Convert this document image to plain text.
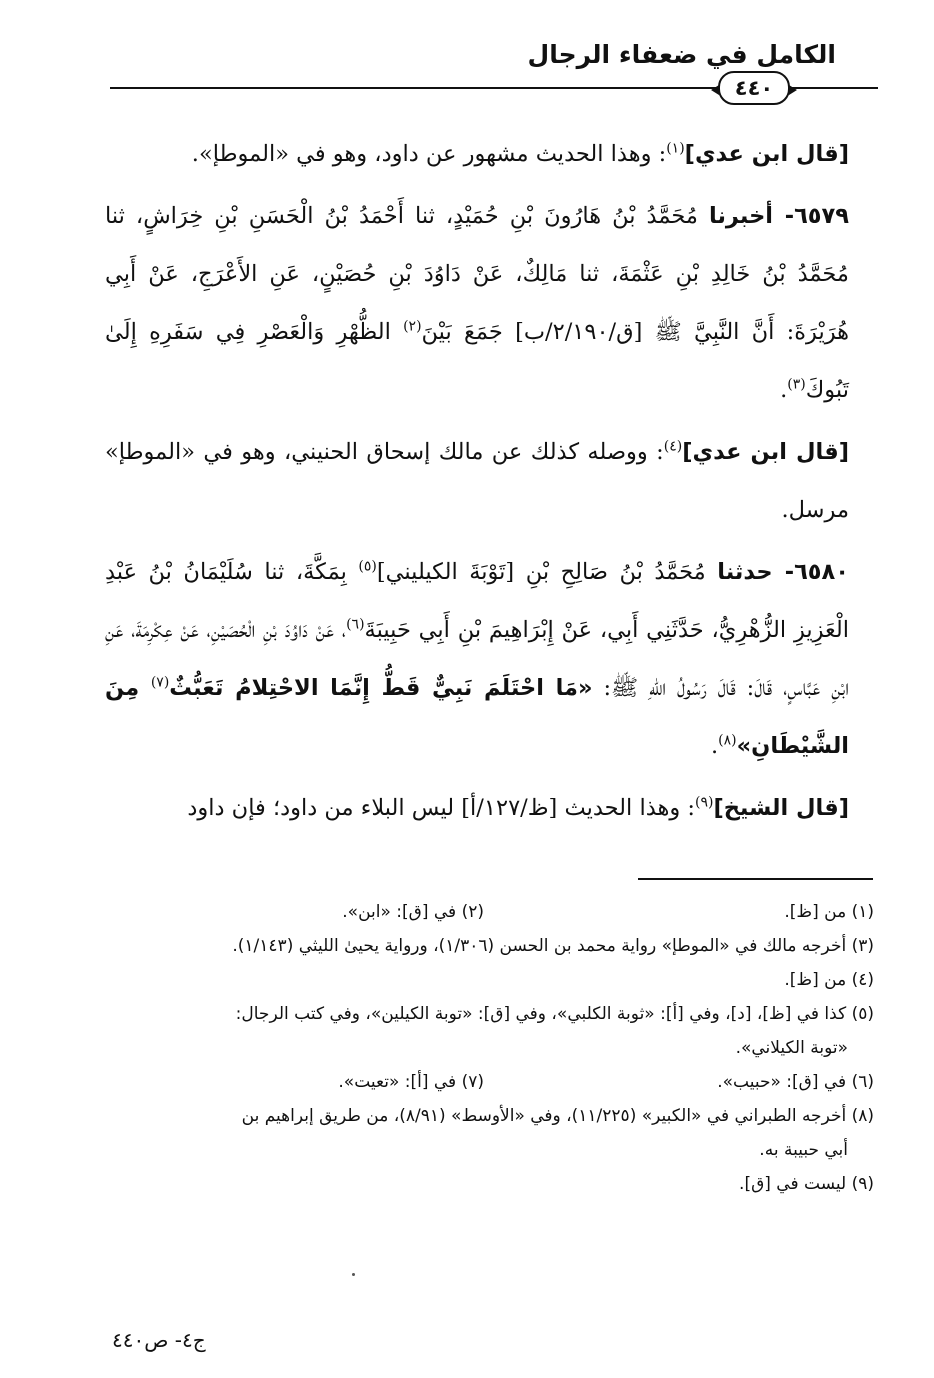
الكامل في ضعفاء الرجال
٤٤٠

[قال ابن عدي]$^{(١)}$: وهذا الحديث مشهور عن داود، وهو في «الموطإ».

٦٥٧٩- أخبرنا مُحَمَّدُ بْنُ هَارُونَ بْنِ حُمَيْدٍ، ثنا أَحْمَدُ بْنُ الْحَسَنِ بْنِ خِرَاشٍ، ثنا مُحَمَّدُ بْنُ خَالِدِ بْنِ عَثْمَةَ، ثنا مَالِكٌ، عَنْ دَاوُدَ بْنِ حُصَيْنٍ، عَنِ الأَعْرَجِ، عَنْ أَبِي هُرَيْرَةَ: أَنَّ النَّبِيَّ ﷺ [ق/٢/١٩٠/ب] جَمَعَ بَيْنَ$^{(٢)}$ الظُّهْرِ وَالْعَصْرِ فِي سَفَرِهِ إِلَىٰ تَبُوكَ$^{(٣)}$.

[قال ابن عدي]$^{(٤)}$: ووصله كذلك عن مالك إسحاق الحنيني، وهو في «الموطإ» مرسل.

٦٥٨٠- حدثنا مُحَمَّدُ بْنُ صَالِحِ بْنِ [تَوْبَةَ الكيليني]$^{(٥)}$ بِمَكَّةَ، ثنا سُلَيْمَانُ بْنُ عَبْدِ الْعَزِيزِ الزُّهْرِيُّ، حَدَّثَنِي أَبِي، عَنْ إِبْرَاهِيمَ بْنِ أَبِي حَبِيبَةَ$^{(٦)}$، عَنْ دَاوُدَ بْنِ الْحُصَيْنِ، عَنْ عِكْرِمَةَ، عَنِ ابْنِ عَبَّاسٍ، قَالَ: قَالَ رَسُولُ اللهِ ﷺ: «مَا احْتَلَمَ نَبِيٌّ قَطُّ إِنَّمَا الاحْتِلامُ تَعَبُّثٌ$^{(٧)}$ مِنَ الشَّيْطَانِ»$^{(٨)}$.

[قال الشيخ]$^{(٩)}$: وهذا الحديث [ظ/١٢٧/أ] ليس البلاء من داود؛ فإن داود

(١) من [ظ].
(٢) في [ق]: «ابن».
(٣) أخرجه مالك في «الموطإ» رواية محمد بن الحسن (١/٣٠٦)، ورواية يحيىٰ الليثي (١/١٤٣).
(٤) من [ظ].
(٥) كذا في [ظ]، [د]، وفي [أ]: «ثوبة الكلبي»، وفي [ق]: «توبة الكيلين»، وفي كتب الرجال:
«توبة الكيلاني».
(٦) في [ق]: «حبيب».
(٧) في [أ]: «تعيت».
(٨) أخرجه الطبراني في «الكبير» (١١/٢٢٥)، وفي «الأوسط» (٨/٩١)، من طريق إبراهيم بن
أبي حبيبة به.
(٩) ليست في [ق].
ج٤- ص٤٤٠
